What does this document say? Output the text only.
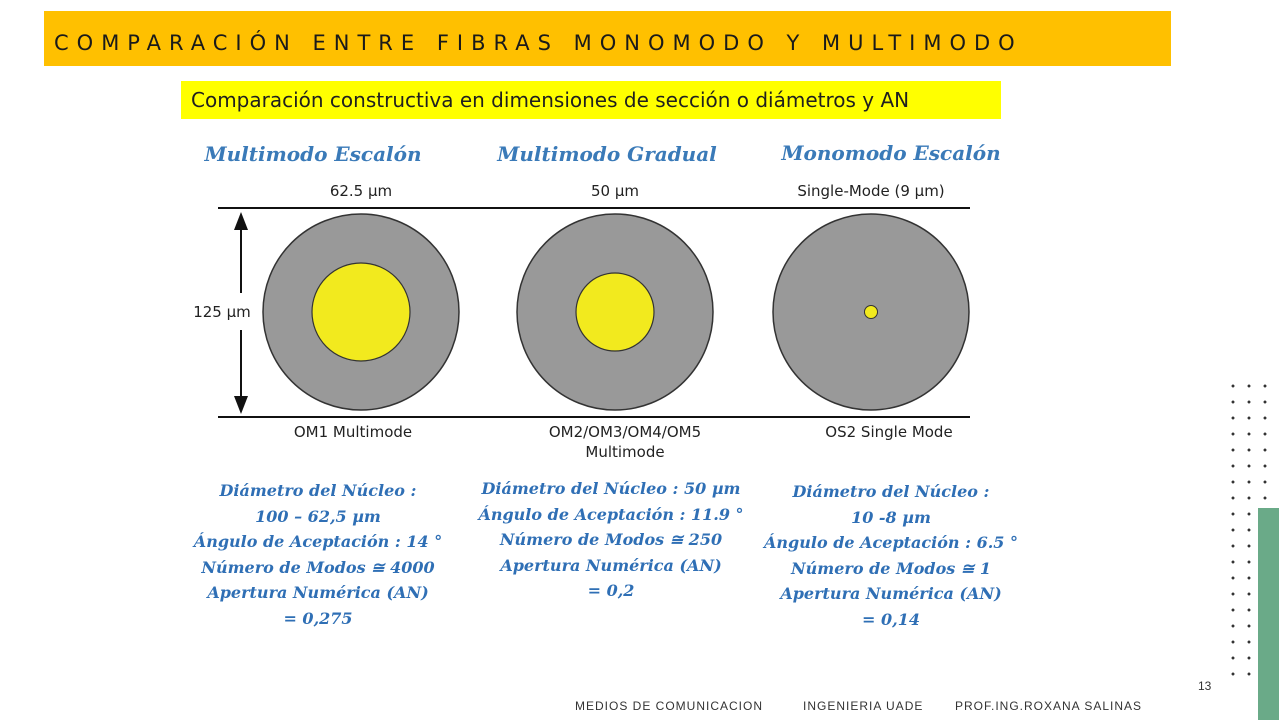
COMPARACIÓN ENTRE FIBRAS MONOMODO Y MULTIMODO
Comparación constructiva en dimensiones de sección o diámetros y AN
Multimodo Escalón	Multimodo Gradual	Monomodo Escalón
62.5 µm	50 µm	Single-Mode (9 µm)
125 µm
OM1 Multimode	OM2/OM3/OM4/OM5
Multimode
OS2 Single Mode
Diámetro del Núcleo :
100 – 62,5 µm
Ángulo de Aceptación : 14 °
Número de Modos ≅ 4000
Apertura Numérica (AN)
= 0,275
Diámetro del Núcleo : 50 µm
Ángulo de Aceptación : 11.9 °
Número de Modos ≅ 250
Apertura Numérica (AN)
= 0,2
Diámetro del Núcleo :
10 -8 µm
Ángulo de Aceptación : 6.5 °
Número de Modos ≅ 1
Apertura Numérica (AN)
= 0,14
13
MEDIOS DE COMUNICACION	INGENIERIA UADE	PROF.ING.ROXANA SALINAS
